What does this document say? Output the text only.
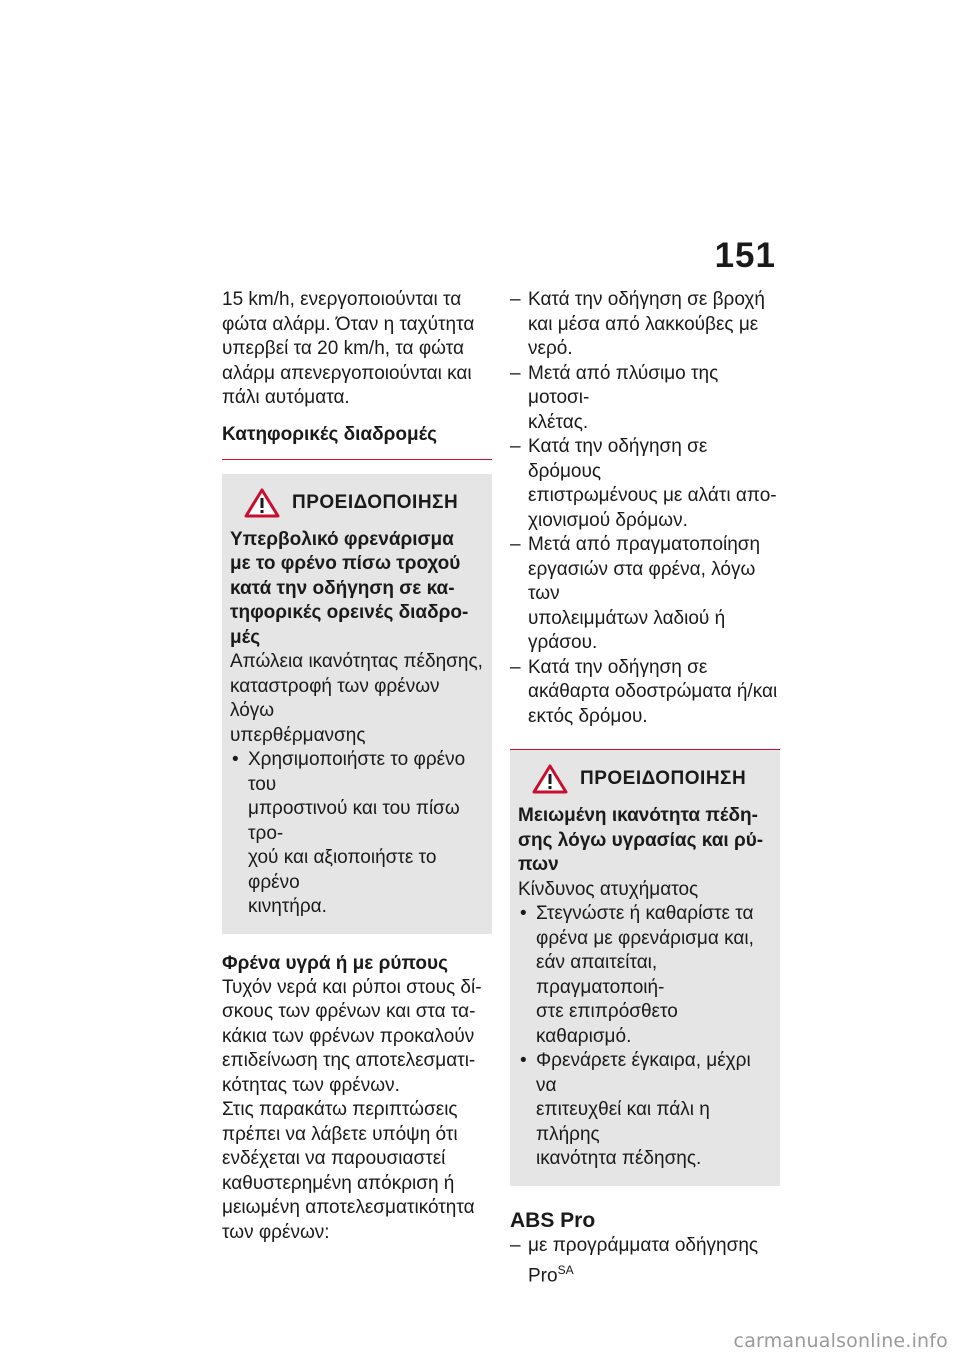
151

15 km/h, ενεργοποιούνται τα

φώτα αλάρμ. Όταν η ταχύτητα

υπερβεί τα 20 km/h, τα φώτα

αλάρμ απενεργοποιούνται και

πάλι αυτόματα.

Κατηφορικές διαδρομές
ΠΡΟΕΙΔΟΠΟΙΗΣΗ

Υπερβολικό φρενάρισμα

με το φρένο πίσω τροχού

κατά την οδήγηση σε κα-

τηφορικές ορεινές διαδρο-

μές

Απώλεια ικανότητας πέδησης,

καταστροφή των φρένων λόγω

υπερθέρμανσης

• Χρησιμοποιήστε το φρένο του
μπροστινού και του πίσω τρο-
χού και αξιοποιήστε το φρένο
κινητήρα.
Φρένα υγρά ή με ρύπους

Τυχόν νερά και ρύποι στους δί-

σκους των φρένων και στα τα-

κάκια των φρένων προκαλούν

επιδείνωση της αποτελεσματι-

κότητας των φρένων.

Στις παρακάτω περιπτώσεις

πρέπει να λάβετε υπόψη ότι

ενδέχεται να παρουσιαστεί

καθυστερημένη απόκριση ή

μειωμένη αποτελεσματικότητα

των φρένων:

– Κατά την οδήγηση σε βροχή
και μέσα από λακκούβες με
νερό.
– Μετά από πλύσιμο της μοτοσι-
κλέτας.
– Κατά την οδήγηση σε δρόμους
επιστρωμένους με αλάτι απο-
χιονισμού δρόμων.
– Μετά από πραγματοποίηση
εργασιών στα φρένα, λόγω των
υπολειμμάτων λαδιού ή γράσου.
– Κατά την οδήγηση σε
ακάθαρτα οδοστρώματα ή/και
εκτός δρόμου.
ΠΡΟΕΙΔΟΠΟΙΗΣΗ

Μειωμένη ικανότητα πέδη-

σης λόγω υγρασίας και ρύ-

πων

Κίνδυνος ατυχήματος

• Στεγνώστε ή καθαρίστε τα
φρένα με φρενάρισμα και,
εάν απαιτείται, πραγματοποιή-
στε επιπρόσθετο καθαρισμό.
• Φρενάρετε έγκαιρα, μέχρι να
επιτευχθεί και πάλι η πλήρης
ικανότητα πέδησης.
ABS Pro
– με προγράμματα οδήγησης
Pro$^{SA}$
carmanualsonline.info
